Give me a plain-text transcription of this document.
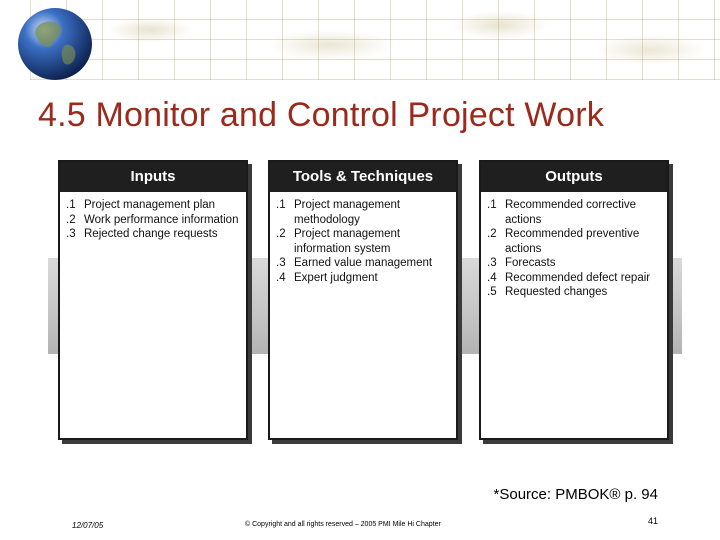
4.5 Monitor and Control Project Work
Inputs
.1 Project management plan
.2 Work performance information
.3 Rejected change requests
Tools & Techniques
.1 Project management methodology
.2 Project management information system
.3 Earned value management
.4 Expert judgment
Outputs
.1 Recommended corrective actions
.2 Recommended preventive actions
.3 Forecasts
.4 Recommended defect repair
.5 Requested changes
*Source: PMBOK® p. 94
12/07/05	© Copyright and all rights reserved – 2005 PMI Mile Hi Chapter	41
